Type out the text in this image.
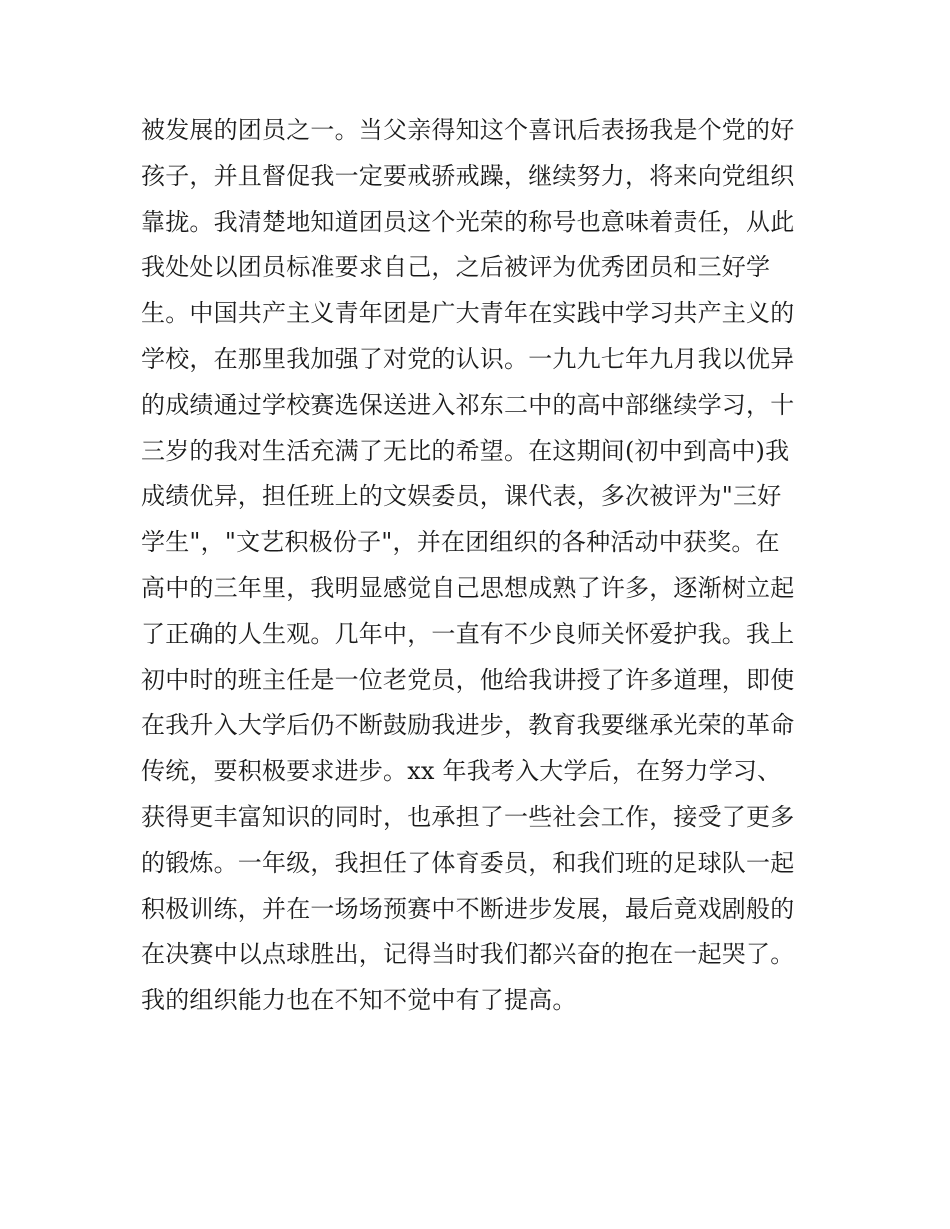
被发展的团员之一。当父亲得知这个喜讯后表扬我是个党的好
孩子，并且督促我一定要戒骄戒躁，继续努力，将来向党组织
靠拢。我清楚地知道团员这个光荣的称号也意味着责任，从此
我处处以团员标准要求自己，之后被评为优秀团员和三好学
生。中国共产主义青年团是广大青年在实践中学习共产主义的
学校，在那里我加强了对党的认识。一九九七年九月我以优异
的成绩通过学校赛选保送进入祁东二中的高中部继续学习，十
三岁的我对生活充满了无比的希望。在这期间(初中到高中)我
成绩优异，担任班上的文娱委员，课代表，多次被评为"三好
学生"，"文艺积极份子"，并在团组织的各种活动中获奖。在
高中的三年里，我明显感觉自己思想成熟了许多，逐渐树立起
了正确的人生观。几年中，一直有不少良师关怀爱护我。我上
初中时的班主任是一位老党员，他给我讲授了许多道理，即使
在我升入大学后仍不断鼓励我进步，教育我要继承光荣的革命
传统，要积极要求进步。xx 年我考入大学后，在努力学习、
获得更丰富知识的同时，也承担了一些社会工作，接受了更多
的锻炼。一年级，我担任了体育委员，和我们班的足球队一起
积极训练，并在一场场预赛中不断进步发展，最后竟戏剧般的
在决赛中以点球胜出，记得当时我们都兴奋的抱在一起哭了。
我的组织能力也在不知不觉中有了提高。
